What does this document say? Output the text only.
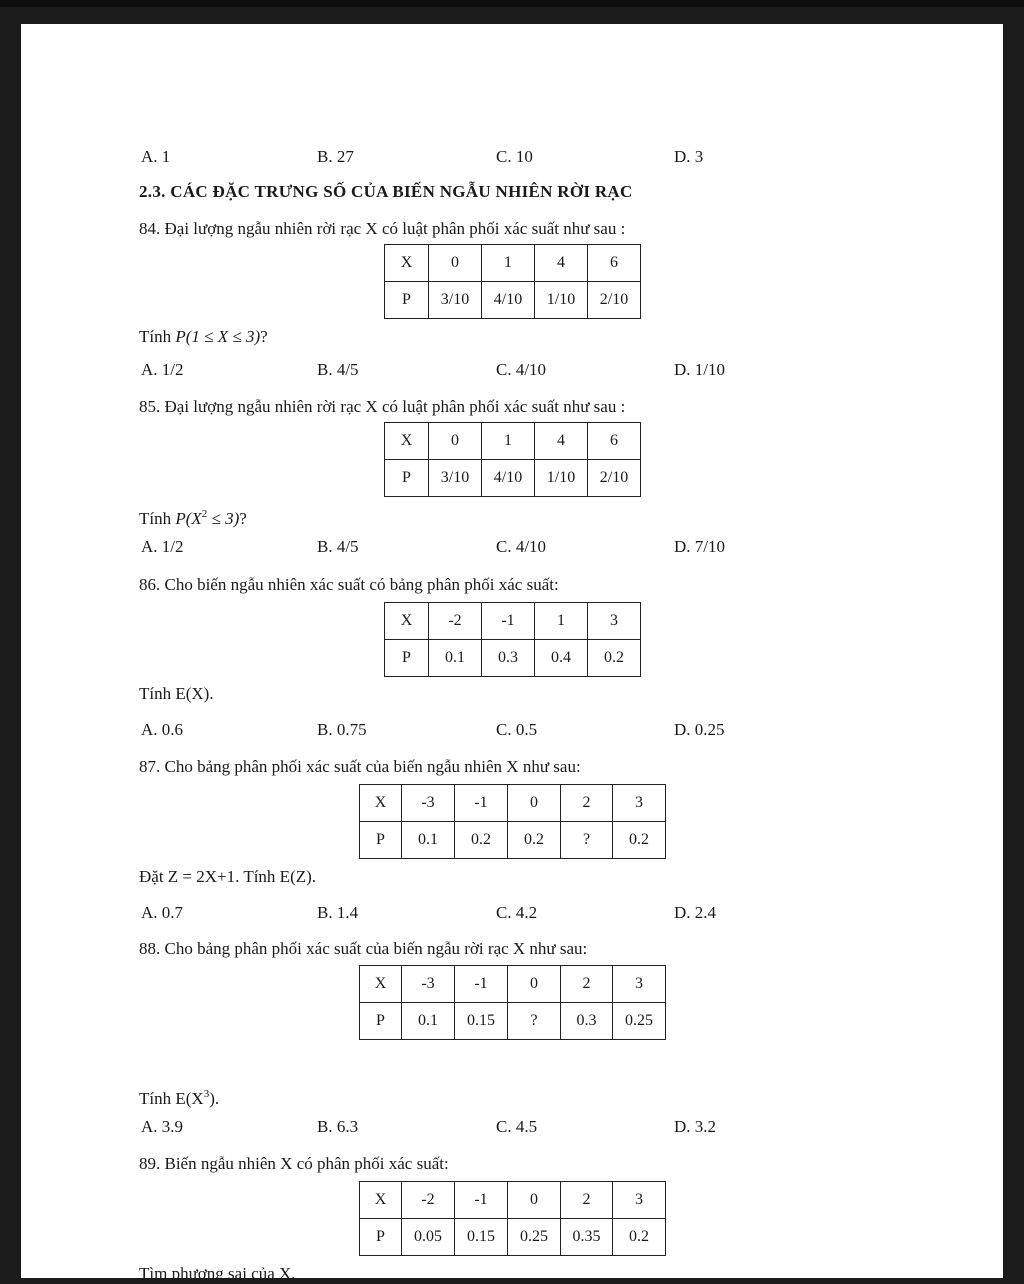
A. 1	B. 27	C. 10	D. 3
2.3. CÁC ĐẶC TRƯNG SỐ CỦA BIẾN NGẪU NHIÊN RỜI RẠC
84. Đại lượng ngẫu nhiên rời rạc X có luật phân phối xác suất như sau :
X	0	1	4	6
P	3/10	4/10	1/10	2/10
Tính P(1 ≤ X ≤ 3)?
A. 1/2	B. 4/5	C. 4/10	D. 1/10
85. Đại lượng ngẫu nhiên rời rạc X có luật phân phối xác suất như sau :
X	0	1	4	6
P	3/10	4/10	1/10	2/10
Tính $P(X^2 \le 3)$?
A. 1/2	B. 4/5	C. 4/10	D. 7/10
86. Cho biến ngẫu nhiên xác suất có bảng phân phối xác suất:
X	-2	-1	1	3
P	0.1	0.3	0.4	0.2
Tính E(X).
A. 0.6	B. 0.75	C. 0.5	D. 0.25
87. Cho bảng phân phối xác suất của biến ngẫu nhiên X như sau:
X	-3	-1	0	2	3
P	0.1	0.2	0.2	?	0.2
Đặt Z = 2X+1. Tính E(Z).
A. 0.7	B. 1.4	C. 4.2	D. 2.4
88. Cho bảng phân phối xác suất của biến ngẫu rời rạc X như sau:
X	-3	-1	0	2	3
P	0.1	0.15	?	0.3	0.25
Tính $E(X^3)$.
A. 3.9	B. 6.3	C. 4.5	D. 3.2
89. Biến ngẫu nhiên X có phân phối xác suất:
X	-2	-1	0	2	3
P	0.05	0.15	0.25	0.35	0.2
Tìm phương sai của X.
